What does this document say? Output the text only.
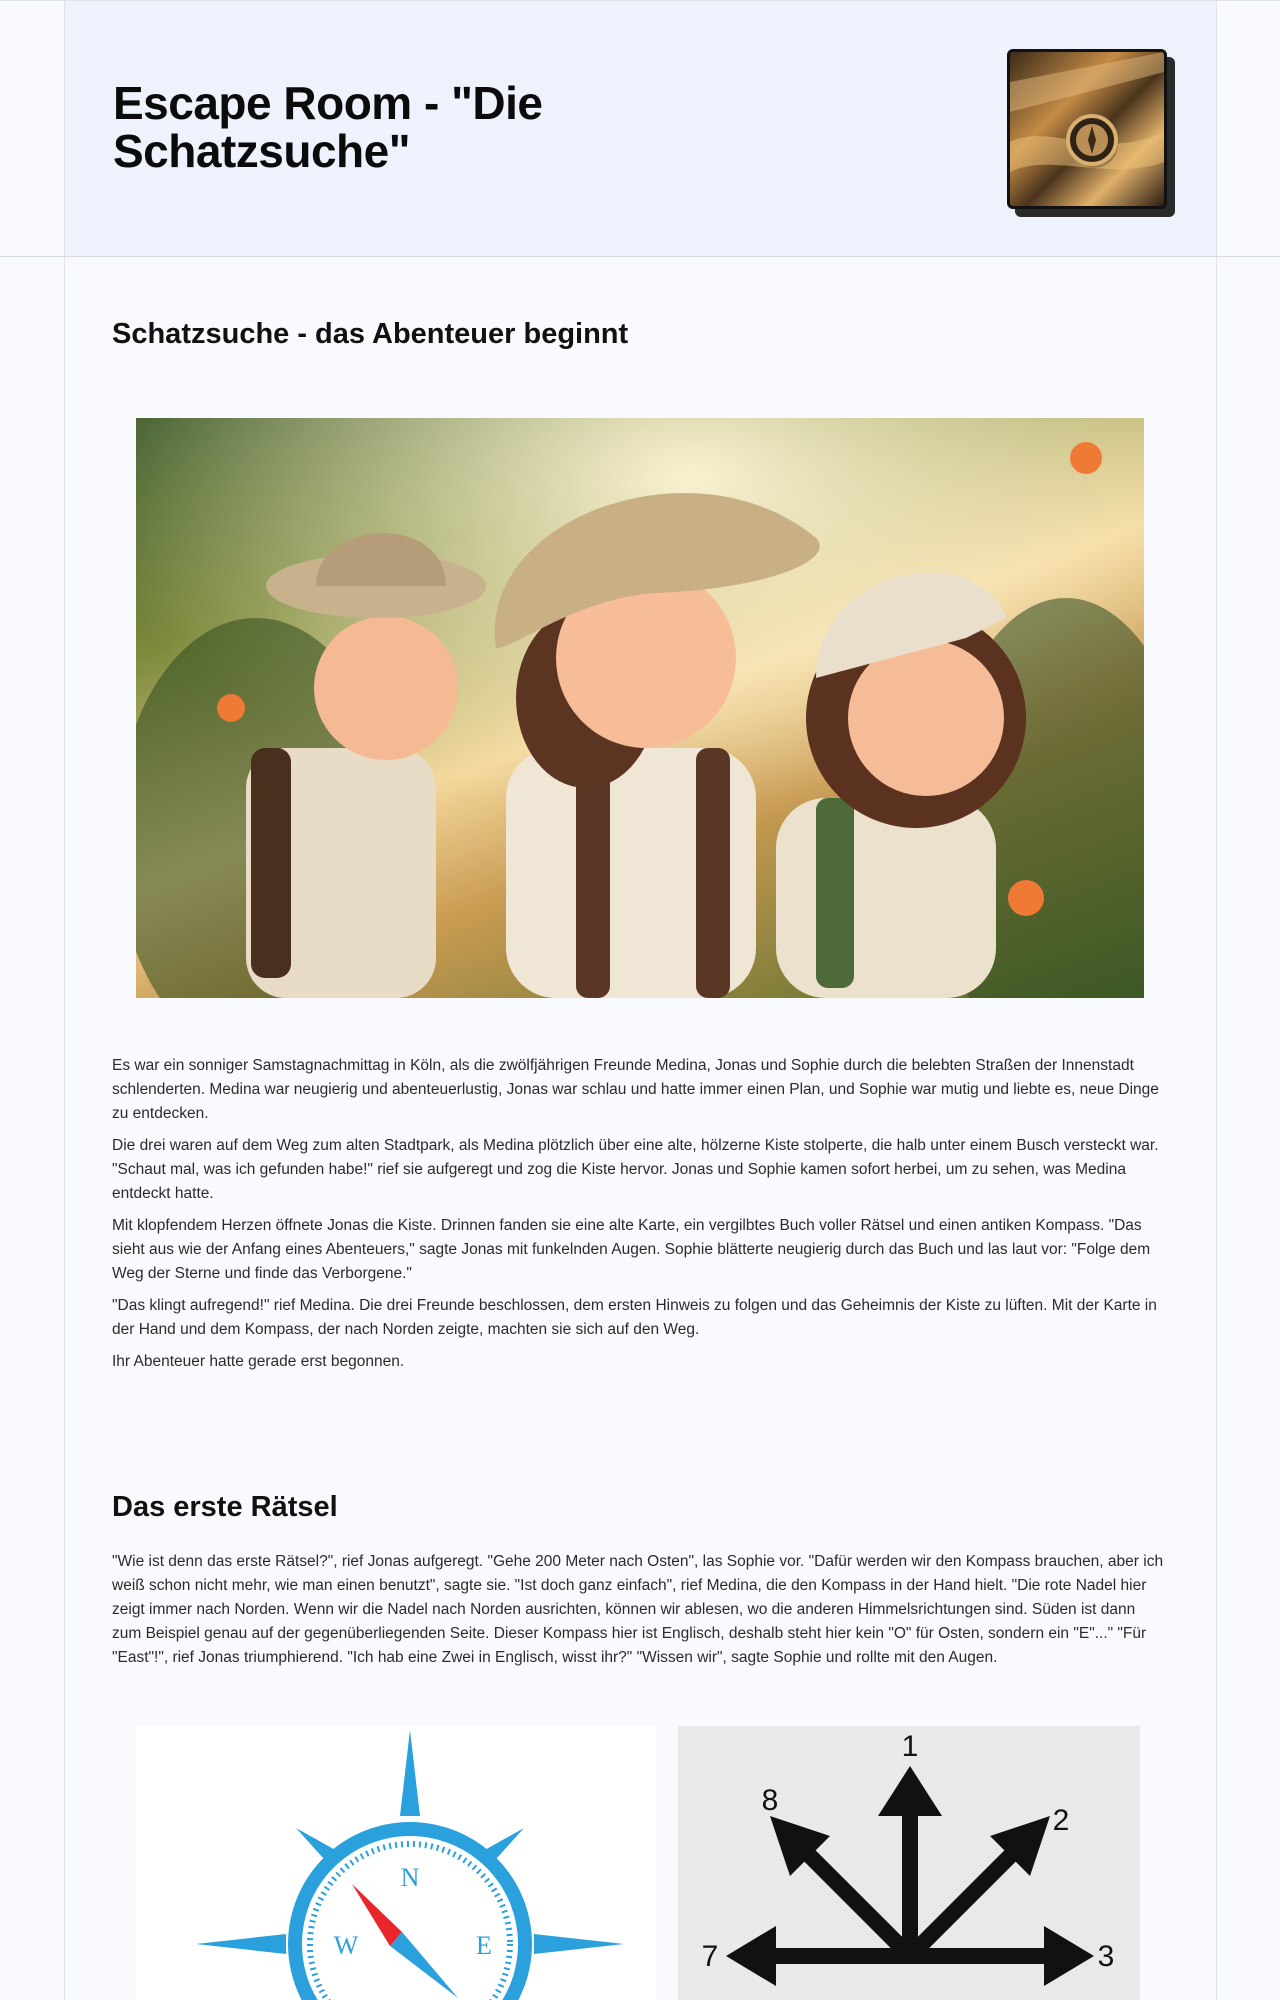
Escape Room - "Die Schatzsuche"
Schatzsuche - das Abenteuer beginnt

Es war ein sonniger Samstagnachmittag in Köln, als die zwölfjährigen Freunde Medina, Jonas und Sophie durch die belebten Straßen der Innenstadt schlenderten. Medina war neugierig und abenteuerlustig, Jonas war schlau und hatte immer einen Plan, und Sophie war mutig und liebte es, neue Dinge zu entdecken.

Die drei waren auf dem Weg zum alten Stadtpark, als Medina plötzlich über eine alte, hölzerne Kiste stolperte, die halb unter einem Busch versteckt war. "Schaut mal, was ich gefunden habe!" rief sie aufgeregt und zog die Kiste hervor. Jonas und Sophie kamen sofort herbei, um zu sehen, was Medina entdeckt hatte.

Mit klopfendem Herzen öffnete Jonas die Kiste. Drinnen fanden sie eine alte Karte, ein vergilbtes Buch voller Rätsel und einen antiken Kompass. "Das sieht aus wie der Anfang eines Abenteuers," sagte Jonas mit funkelnden Augen. Sophie blätterte neugierig durch das Buch und las laut vor: "Folge dem Weg der Sterne und finde das Verborgene."

"Das klingt aufregend!" rief Medina. Die drei Freunde beschlossen, dem ersten Hinweis zu folgen und das Geheimnis der Kiste zu lüften. Mit der Karte in der Hand und dem Kompass, der nach Norden zeigte, machten sie sich auf den Weg.

Ihr Abenteuer hatte gerade erst begonnen.

Das erste Rätsel

"Wie ist denn das erste Rätsel?", rief Jonas aufgeregt. "Gehe 200 Meter nach Osten", las Sophie vor. "Dafür werden wir den Kompass brauchen, aber ich weiß schon nicht mehr, wie man einen benutzt", sagte sie. "Ist doch ganz einfach", rief Medina, die den Kompass in der Hand hielt. "Die rote Nadel hier zeigt immer nach Norden. Wenn wir die Nadel nach Norden ausrichten, können wir ablesen, wo die anderen Himmelsrichtungen sind. Süden ist dann zum Beispiel genau auf der gegenüberliegenden Seite. Dieser Kompass hier ist Englisch, deshalb steht hier kein "O" für Osten, sondern ein "E"..." "Für "East"!", rief Jonas triumphierend. "Ich hab eine Zwei in Englisch, wisst ihr?" "Wissen wir", sagte Sophie und rollte mit den Augen.

N
W	E
1
2
3
7
8
